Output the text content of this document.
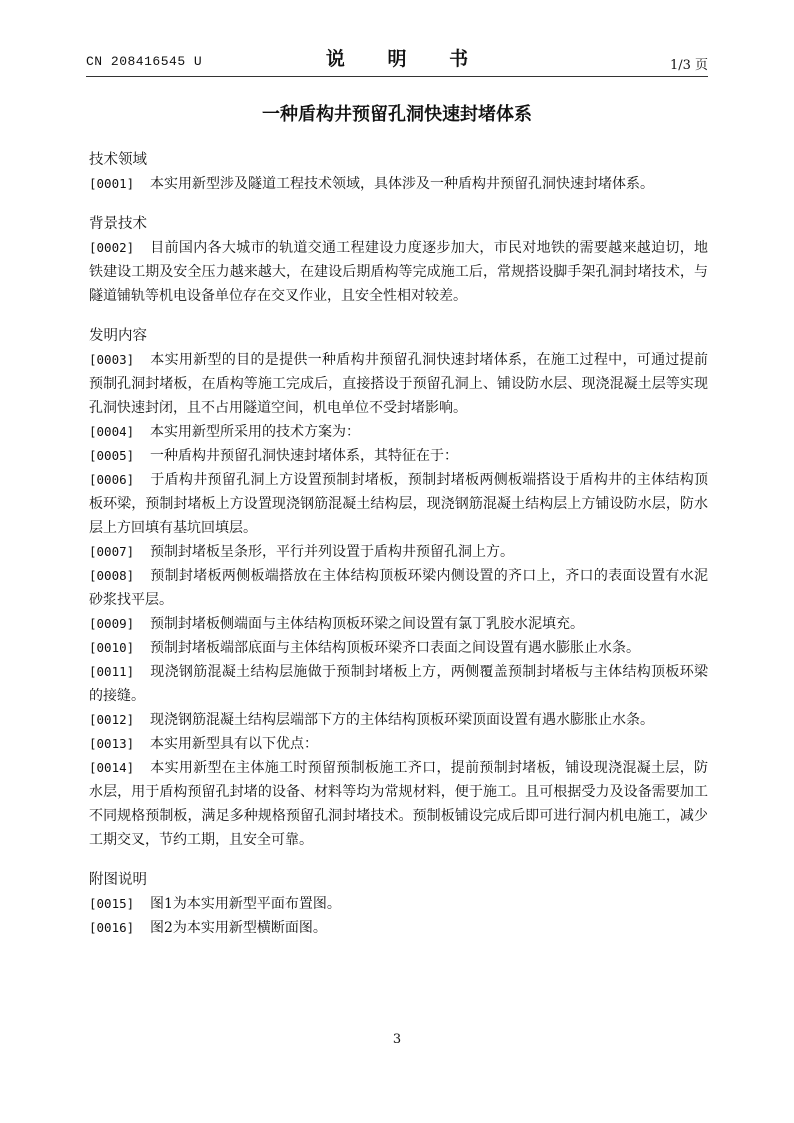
CN 208416545 U	说 明 书	1/3 页
一种盾构井预留孔洞快速封堵体系
技术领域
[0001] 本实用新型涉及隧道工程技术领域，具体涉及一种盾构井预留孔洞快速封堵体系。
背景技术
[0002] 目前国内各大城市的轨道交通工程建设力度逐步加大，市民对地铁的需要越来越迫切，地铁建设工期及安全压力越来越大，在建设后期盾构等完成施工后，常规搭设脚手架孔洞封堵技术，与隧道铺轨等机电设备单位存在交叉作业，且安全性相对较差。
发明内容
[0003] 本实用新型的目的是提供一种盾构井预留孔洞快速封堵体系，在施工过程中，可通过提前预制孔洞封堵板，在盾构等施工完成后，直接搭设于预留孔洞上、铺设防水层、现浇混凝土层等实现孔洞快速封闭，且不占用隧道空间，机电单位不受封堵影响。
[0004] 本实用新型所采用的技术方案为：
[0005] 一种盾构井预留孔洞快速封堵体系，其特征在于：
[0006] 于盾构井预留孔洞上方设置预制封堵板，预制封堵板两侧板端搭设于盾构井的主体结构顶板环梁，预制封堵板上方设置现浇钢筋混凝土结构层，现浇钢筋混凝土结构层上方铺设防水层，防水层上方回填有基坑回填层。
[0007] 预制封堵板呈条形，平行并列设置于盾构井预留孔洞上方。
[0008] 预制封堵板两侧板端搭放在主体结构顶板环梁内侧设置的齐口上，齐口的表面设置有水泥砂浆找平层。
[0009] 预制封堵板侧端面与主体结构顶板环梁之间设置有氯丁乳胶水泥填充。
[0010] 预制封堵板端部底面与主体结构顶板环梁齐口表面之间设置有遇水膨胀止水条。
[0011] 现浇钢筋混凝土结构层施做于预制封堵板上方，两侧覆盖预制封堵板与主体结构顶板环梁的接缝。
[0012] 现浇钢筋混凝土结构层端部下方的主体结构顶板环梁顶面设置有遇水膨胀止水条。
[0013] 本实用新型具有以下优点：
[0014] 本实用新型在主体施工时预留预制板施工齐口，提前预制封堵板，铺设现浇混凝土层，防水层，用于盾构预留孔封堵的设备、材料等均为常规材料，便于施工。且可根据受力及设备需要加工不同规格预制板，满足多种规格预留孔洞封堵技术。预制板铺设完成后即可进行洞内机电施工，减少工期交叉，节约工期，且安全可靠。
附图说明
[0015] 图1为本实用新型平面布置图。
[0016] 图2为本实用新型横断面图。
3
